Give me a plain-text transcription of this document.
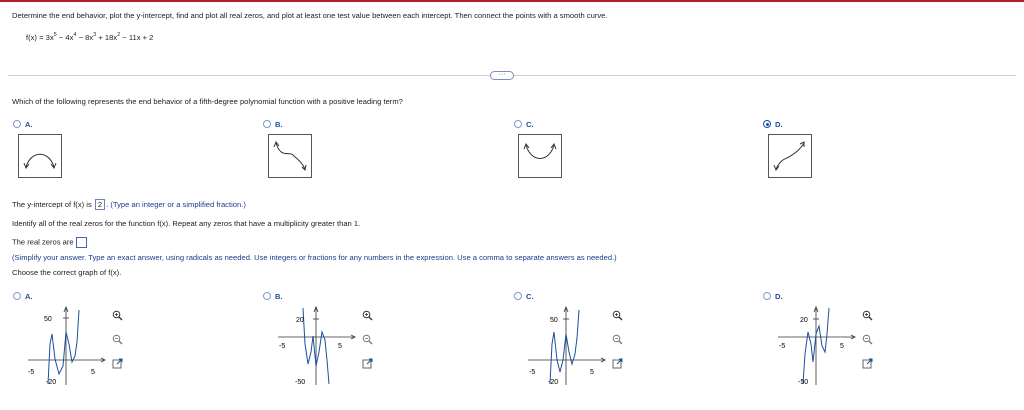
Determine the end behavior, plot the y-intercept, find and plot all real zeros, and plot at least one test value between each intercept. Then connect the points with a smooth curve.
$f(x) = 3x^5 - 4x^4 - 8x^3 + 18x^2 - 11x + 2$
···
Which of the following represents the end behavior of a fifth-degree polynomial function with a positive leading term?
A.	B.	C.	D.
The y-intercept of f(x) is 2 . (Type an integer or a simplified fraction.)
Identify all of the real zeros for the function f(x). Repeat any zeros that have a multiplicity greater than 1.
The real zeros are
(Simplify your answer. Type an exact answer, using radicals as needed. Use integers or fractions for any numbers in the expression. Use a comma to separate answers as needed.)
Choose the correct graph of f(x).
A.	B.	C.	D.
50
-20
-5	5
20
-50
-5	5
50
-20
-5	5
20
-50
-5	5
